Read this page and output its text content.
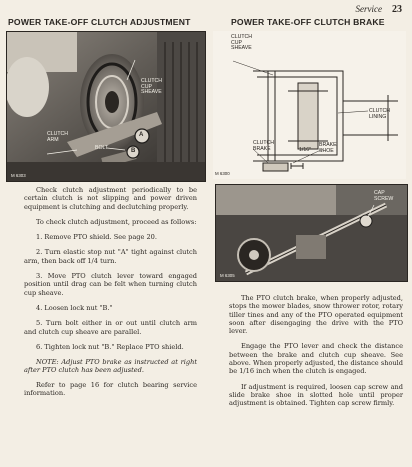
Service 23
POWER TAKE-OFF CLUTCH ADJUSTMENT	POWER TAKE-OFF CLUTCH BRAKE
CLUTCH
CUP
SHEAVE
CLUTCH
ARM
BOLT
A
B
M 6303
CLUTCH
CUP
SHEAVE
CLUTCH
LINING
CLUTCH
BRAKE	1/16"
BRAKE
SHOE
M 6300
CAP
SCREW
M 6305

Check clutch adjustment periodically to be certain clutch is not slipping and power driven equipment is clutching and declutching properly.

To check clutch adjustment, proceed as follows:

1. Remove PTO shield. See page 20.

2. Turn elastic stop nut "A" tight against clutch arm, then back off 1/4 turn.

3. Move PTO clutch lever toward engaged position until drag can be felt when turning clutch cup sheave.

4. Loosen lock nut "B."

5. Turn bolt either in or out until clutch arm and clutch cup sheave are parallel.

6. Tighten lock nut "B." Replace PTO shield.

NOTE: Adjust PTO brake as instructed at right after PTO clutch has been adjusted.

Refer to page 16 for clutch bearing service information.

The PTO clutch brake, when properly adjusted, stops the mower blades, snow thrower rotor, rotary tiller tines and any of the PTO operated equipment soon after disengaging the drive with the PTO lever.

Engage the PTO lever and check the distance between the brake and clutch cup sheave. See above. When properly adjusted, the distance should be 1/16 inch when the clutch is engaged.

If adjustment is required, loosen cap screw and slide brake shoe in slotted hole until proper adjustment is obtained. Tighten cap screw firmly.
